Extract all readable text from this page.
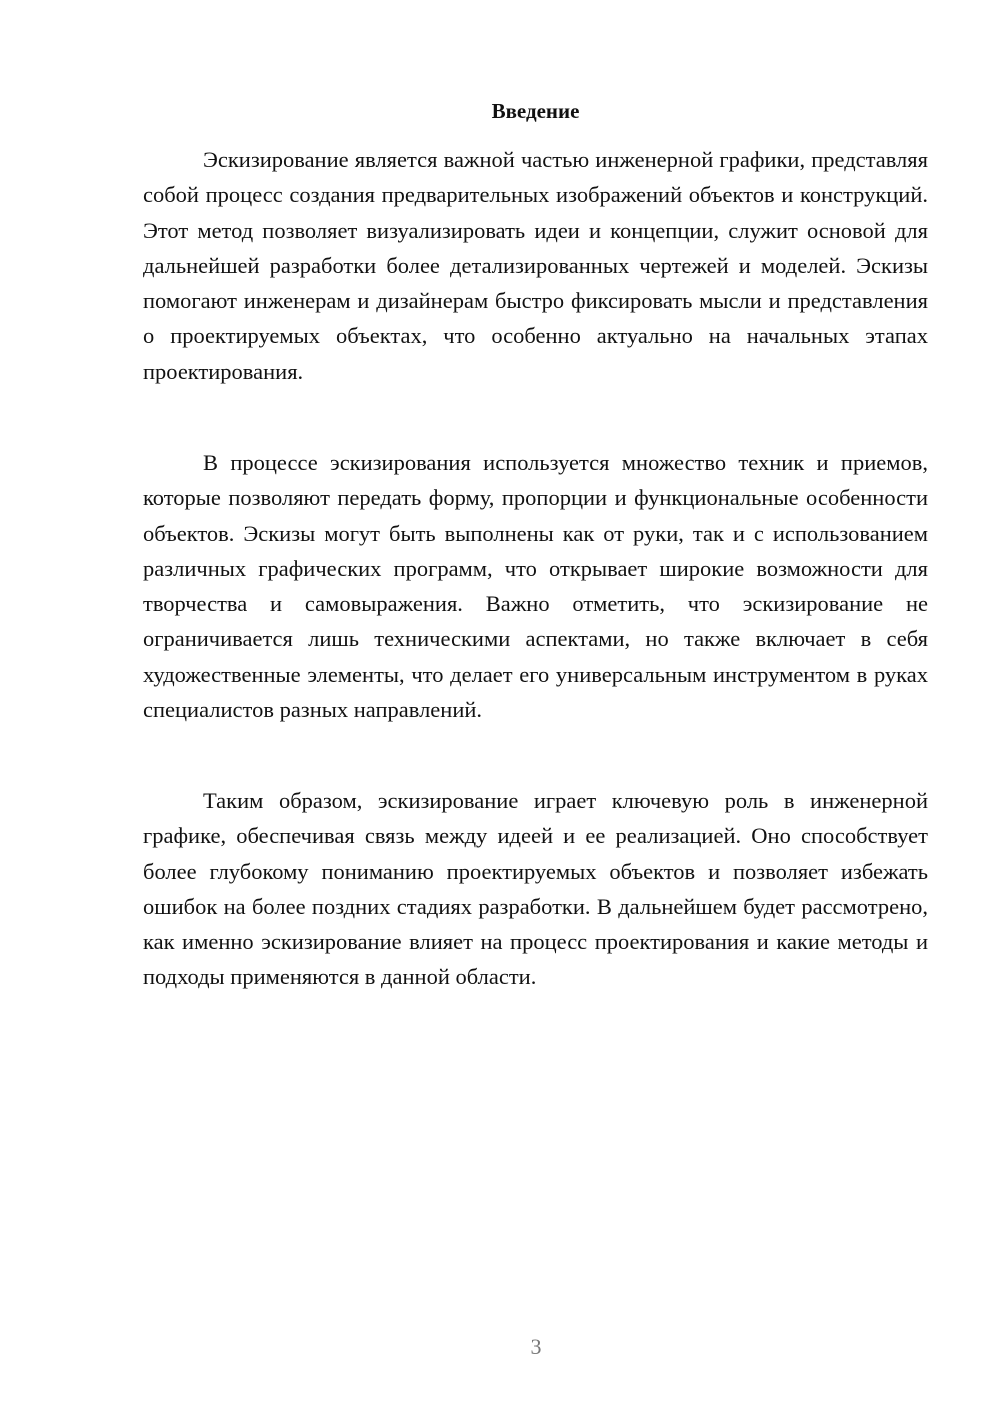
Введение

Эскизирование является важной частью инженерной графики, представляя собой процесс создания предварительных изображений объектов и конструкций. Этот метод позволяет визуализировать идеи и концепции, служит основой для дальнейшей разработки более детализированных чертежей и моделей. Эскизы помогают инженерам и дизайнерам быстро фиксировать мысли и представления о проектируемых объектах, что особенно актуально на начальных этапах проектирования.

В процессе эскизирования используется множество техник и приемов, которые позволяют передать форму, пропорции и функциональные особенности объектов. Эскизы могут быть выполнены как от руки, так и с использованием различных графических программ, что открывает широкие возможности для творчества и самовыражения. Важно отметить, что эскизирование не ограничивается лишь техническими аспектами, но также включает в себя художественные элементы, что делает его универсальным инструментом в руках специалистов разных направлений.

Таким образом, эскизирование играет ключевую роль в инженерной графике, обеспечивая связь между идеей и ее реализацией. Оно способствует более глубокому пониманию проектируемых объектов и позволяет избежать ошибок на более поздних стадиях разработки. В дальнейшем будет рассмотрено, как именно эскизирование влияет на процесс проектирования и какие методы и подходы применяются в данной области.

3
